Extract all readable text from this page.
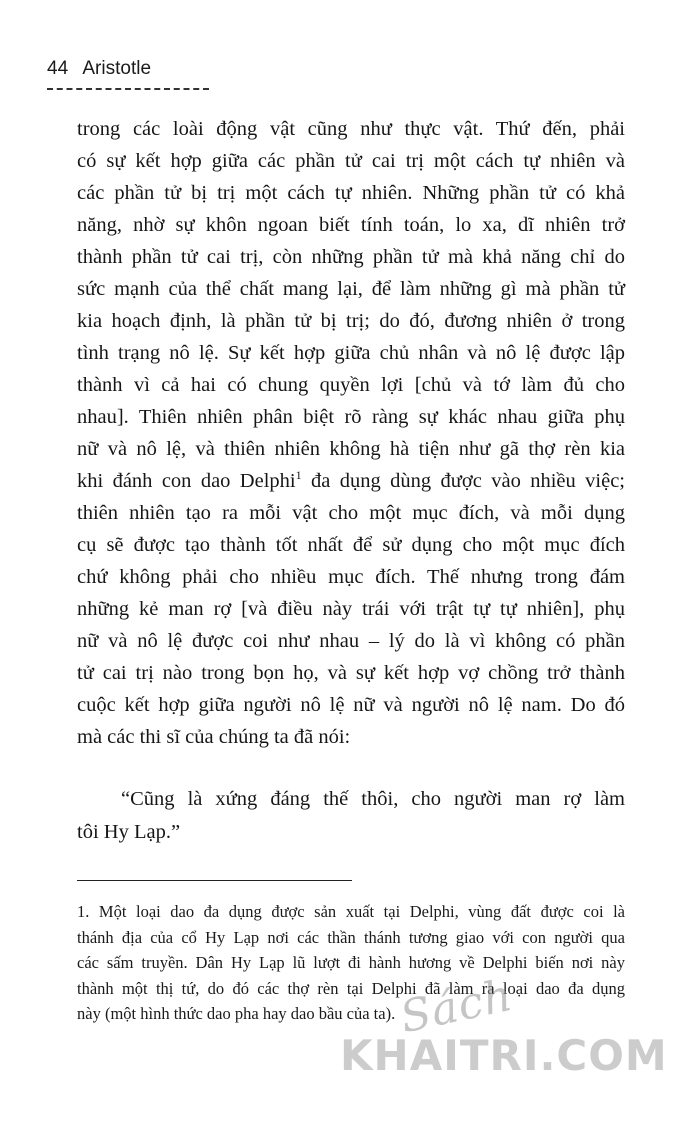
44 Aristotle
trong các loài động vật cũng như thực vật. Thứ đến, phải
có sự kết hợp giữa các phần tử cai trị một cách tự nhiên và
các phần tử bị trị một cách tự nhiên. Những phần tử có khả
năng, nhờ sự khôn ngoan biết tính toán, lo xa, dĩ nhiên trở
thành phần tử cai trị, còn những phần tử mà khả năng chỉ do
sức mạnh của thể chất mang lại, để làm những gì mà phần tử
kia hoạch định, là phần tử bị trị; do đó, đương nhiên ở trong
tình trạng nô lệ. Sự kết hợp giữa chủ nhân và nô lệ được lập
thành vì cả hai có chung quyền lợi [chủ và tớ làm đủ cho
nhau]. Thiên nhiên phân biệt rõ ràng sự khác nhau giữa phụ
nữ và nô lệ, và thiên nhiên không hà tiện như gã thợ rèn kia
khi đánh con dao Delphi$^1$ đa dụng dùng được vào nhiều việc;
thiên nhiên tạo ra mỗi vật cho một mục đích, và mỗi dụng
cụ sẽ được tạo thành tốt nhất để sử dụng cho một mục đích
chứ không phải cho nhiều mục đích. Thế nhưng trong đám
những kẻ man rợ [và điều này trái với trật tự tự nhiên], phụ
nữ và nô lệ được coi như nhau – lý do là vì không có phần
tử cai trị nào trong bọn họ, và sự kết hợp vợ chồng trở thành
cuộc kết hợp giữa người nô lệ nữ và người nô lệ nam. Do đó
mà các thi sĩ của chúng ta đã nói:
“Cũng là xứng đáng thế thôi, cho người man rợ làm
tôi Hy Lạp.”
1. Một loại dao đa dụng được sản xuất tại Delphi, vùng đất được coi là
thánh địa của cổ Hy Lạp nơi các thần thánh tương giao với con người qua
các sấm truyền. Dân Hy Lạp lũ lượt đi hành hương về Delphi biến nơi này
thành một thị tứ, do đó các thợ rèn tại Delphi đã làm ra loại dao đa dụng
này (một hình thức dao pha hay dao bầu của ta). Sách
KHAITRI.COM
